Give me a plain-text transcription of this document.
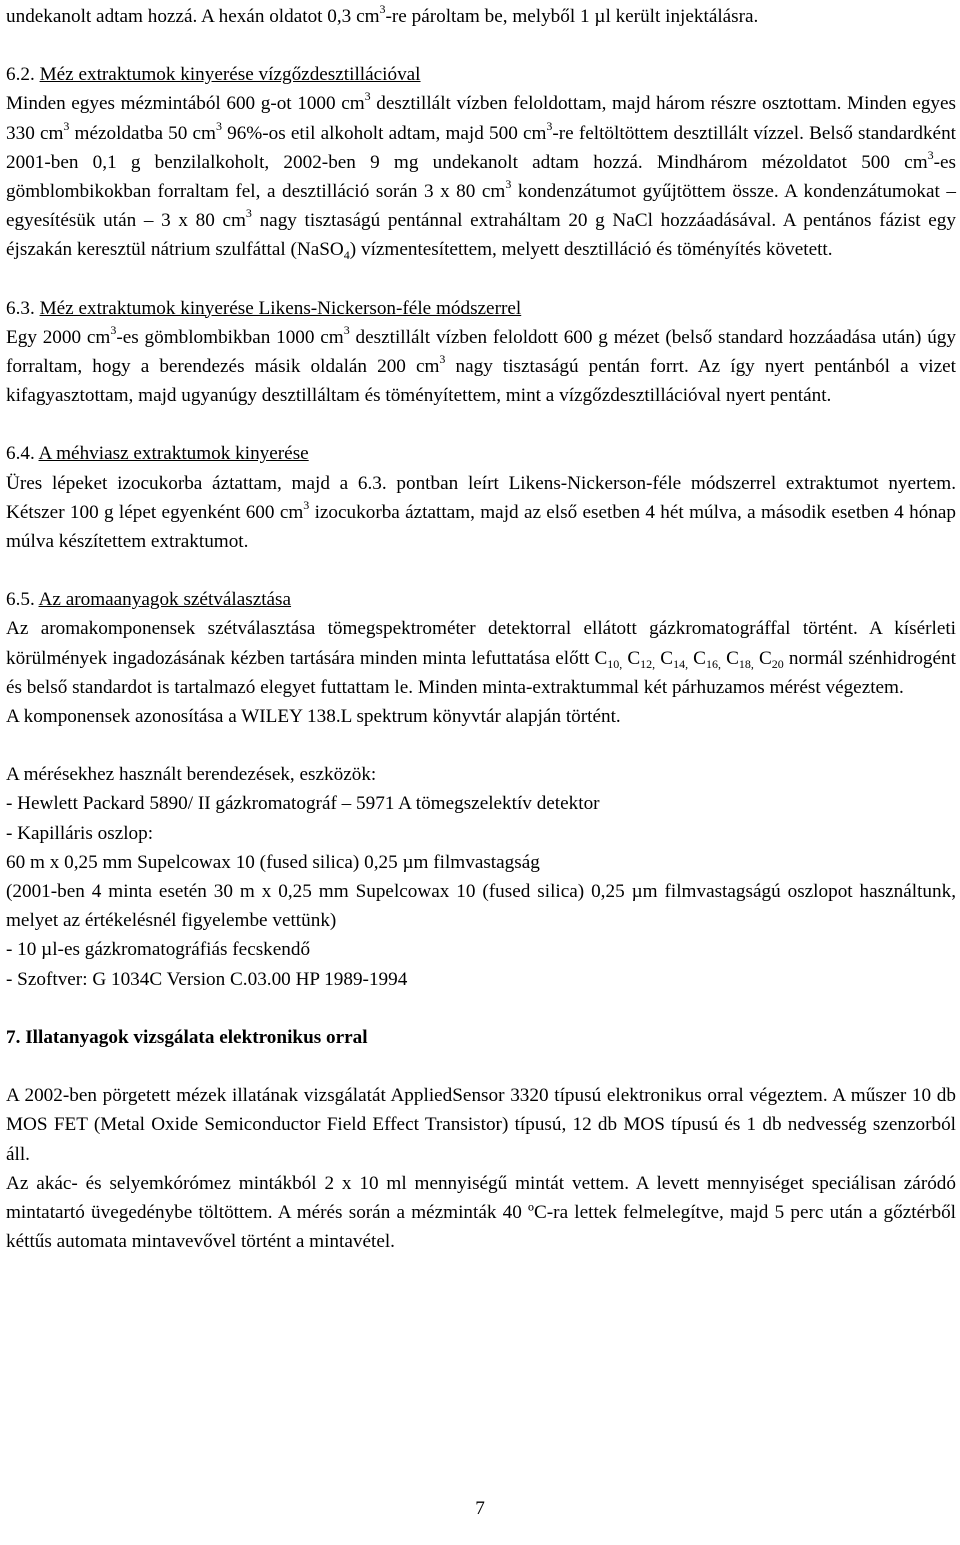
undekanolt adtam hozzá. A hexán oldatot 0,3 $cm^3-re$ pároltam be, melyből 1 µl került injektálásra.

6.2. Méz extraktumok kinyerése vízgőzdesztillációval

Minden egyes mézmintából 600 g-ot 1000 $cm^3$ desztillált vízben feloldottam, majd három részre osztottam. Minden egyes 330 $cm^3$ mézoldatba 50 $cm^3$ 96%-os etil alkoholt adtam, majd 500 $cm^3-re$ feltöltöttem desztillált vízzel. Belső standardként 2001-ben 0,1 g benzilalkoholt, 2002-ben 9 mg undekanolt adtam hozzá. Mindhárom mézoldatot 500 $cm^3-es$ gömblombikokban forraltam fel, a desztilláció során 3 x 80 $cm^3$ kondenzátumot gyűjtöttem össze. A kondenzátumokat – egyesítésük után – 3 x 80 $cm^3$ nagy tisztaságú pentánnal extraháltam 20 g NaCl hozzáadásával. A pentános fázist egy éjszakán keresztül nátrium szulfáttal (NaSO$_4$) vízmentesítettem, melyett desztilláció és töményítés követett.

6.3. Méz extraktumok kinyerése Likens-Nickerson-féle módszerrel

Egy 2000 $cm^3-es$ gömblombikban 1000 $cm^3$ desztillált vízben feloldott 600 g mézet (belső standard hozzáadása után) úgy forraltam, hogy a berendezés másik oldalán 200 $cm^3$ nagy tisztaságú pentán forrt. Az így nyert pentánból a vizet kifagyasztottam, majd ugyanúgy desztilláltam és töményítettem, mint a vízgőzdesztillációval nyert pentánt.

6.4. A méhviasz extraktumok kinyerése

Üres lépeket izocukorba áztattam, majd a 6.3. pontban leírt Likens-Nickerson-féle módszerrel extraktumot nyertem. Kétszer 100 g lépet egyenként 600 $cm^3$ izocukorba áztattam, majd az első esetben 4 hét múlva, a második esetben 4 hónap múlva készítettem extraktumot.

6.5. Az aromaanyagok szétválasztása

Az aromakomponensek szétválasztása tömegspektrométer detektorral ellátott gázkromatográffal történt. A kísérleti körülmények ingadozásának kézben tartására minden minta lefuttatása előtt $C_{10,}$ $C_{12,}$ $C_{14,}$ $C_{16,}$ $C_{18,}$ $C_{20}$ normál szénhidrogént és belső standardot is tartalmazó elegyet futtattam le. Minden minta-extraktummal két párhuzamos mérést végeztem.

A komponensek azonosítása a WILEY 138.L spektrum könyvtár alapján történt.

A mérésekhez használt berendezések, eszközök:
- Hewlett Packard 5890/ II gázkromatográf – 5971 A tömegszelektív detektor
- Kapilláris oszlop:
60 m x 0,25 mm Supelcowax 10 (fused silica) 0,25 µm filmvastagság
(2001-ben 4 minta esetén 30 m x 0,25 mm Supelcowax 10 (fused silica) 0,25 µm filmvastagságú oszlopot használtunk, melyet az értékelésnél figyelembe vettünk)
- 10 µl-es gázkromatográfiás fecskendő
- Szoftver: G 1034C Version C.03.00 HP 1989-1994
7. Illatanyagok vizsgálata elektronikus orral

A 2002-ben pörgetett mézek illatának vizsgálatát AppliedSensor 3320 típusú elektronikus orral végeztem. A műszer 10 db MOS FET (Metal Oxide Semiconductor Field Effect Transistor) típusú, 12 db MOS típusú és 1 db nedvesség szenzorból áll.

Az akác- és selyemkórómez mintákból 2 x 10 ml mennyiségű mintát vettem. A levett mennyiséget speciálisan záródó mintatartó üvegedénybe töltöttem. A mérés során a mézminták 40 ºC-ra lettek felmelegítve, majd 5 perc után a gőztérből kéttűs automata mintavevővel történt a mintavétel.

7
